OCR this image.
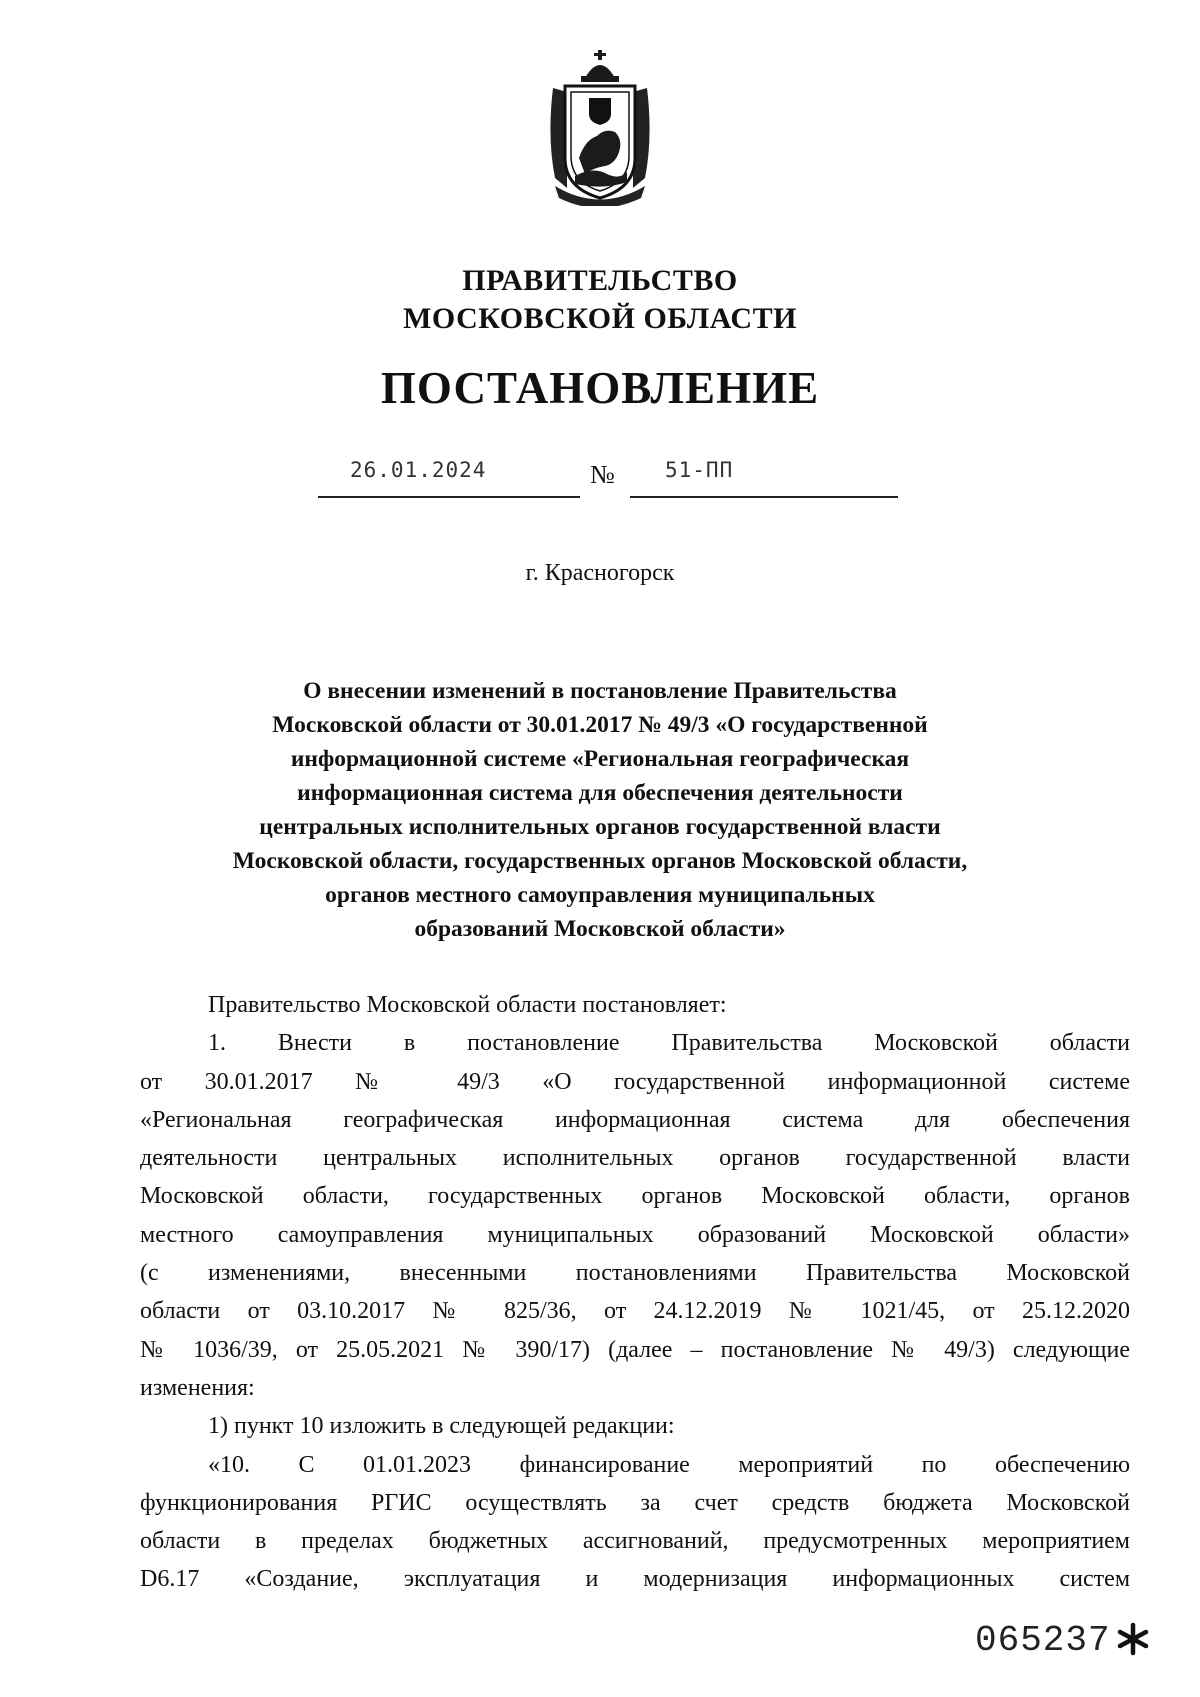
ПРАВИТЕЛЬСТВО
МОСКОВСКОЙ ОБЛАСТИ
ПОСТАНОВЛЕНИЕ
26.01.2024	№ 51-ПП
г. Красногорск
О внесении изменений в постановление Правительства
Московской области от 30.01.2017 № 49/3 «О государственной
информационной системе «Региональная географическая
информационная система для обеспечения деятельности
центральных исполнительных органов государственной власти
Московской области, государственных органов Московской области,
органов местного самоуправления муниципальных
образований Московской области»
Правительство Московской области постановляет:
1. Внести в постановление Правительства Московской области
от 30.01.2017 № 49/3 «О государственной информационной системе
«Региональная географическая информационная система для обеспечения
деятельности центральных исполнительных органов государственной власти
Московской области, государственных органов Московской области, органов
местного самоуправления муниципальных образований Московской области»
(с изменениями, внесенными постановлениями Правительства Московской
области от 03.10.2017 № 825/36, от 24.12.2019 № 1021/45, от 25.12.2020
№ 1036/39, от 25.05.2021 № 390/17) (далее – постановление № 49/3) следующие
изменения:
1) пункт 10 изложить в следующей редакции:
«10. С 01.01.2023 финансирование мероприятий по обеспечению
функционирования РГИС осуществлять за счет средств бюджета Московской
области в пределах бюджетных ассигнований, предусмотренных мероприятием
D6.17 «Создание, эксплуатация и модернизация информационных систем
065237
